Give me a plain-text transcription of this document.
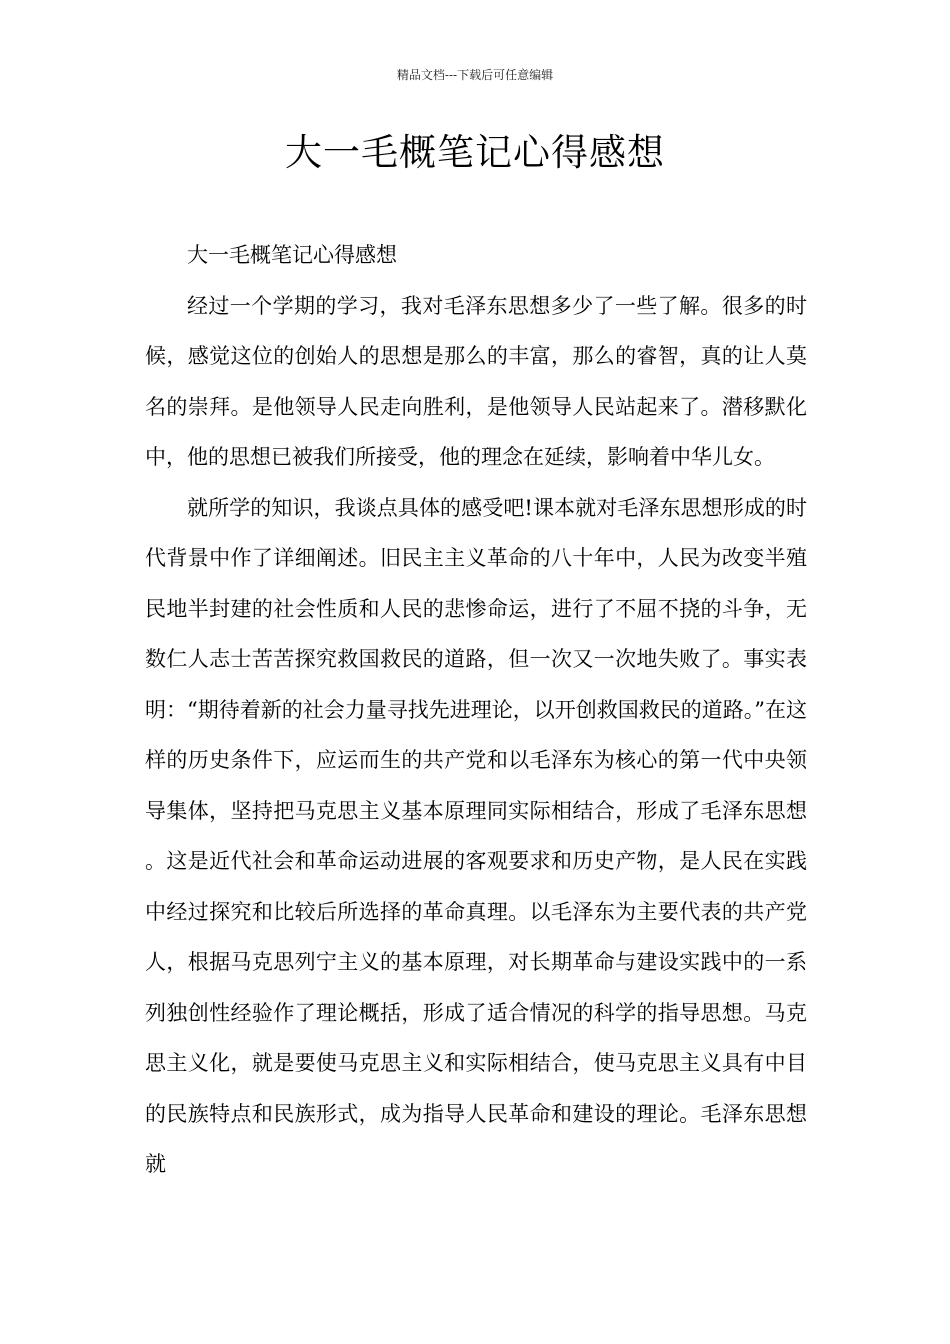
精品文档---下载后可任意编辑
大一毛概笔记心得感想

大一毛概笔记心得感想

经过一个学期的学习，我对毛泽东思想多少了一些了解。很多的时候，感觉这位的创始人的思想是那么的丰富，那么的睿智，真的让人莫名的崇拜。是他领导人民走向胜利，是他领导人民站起来了。潜移默化中，他的思想已被我们所接受，他的理念在延续，影响着中华儿女。

就所学的知识，我谈点具体的感受吧!课本就对毛泽东思想形成的时代背景中作了详细阐述。旧民主主义革命的八十年中，人民为改变半殖民地半封建的社会性质和人民的悲惨命运，进行了不屈不挠的斗争，无数仁人志士苦苦探究救国救民的道路，但一次又一次地失败了。事实表明：“期待着新的社会力量寻找先进理论，以开创救国救民的道路。”在这样的历史条件下，应运而生的共产党和以毛泽东为核心的第一代中央领导集体，坚持把马克思主义基本原理同实际相结合，形成了毛泽东思想。这是近代社会和革命运动进展的客观要求和历史产物，是人民在实践中经过探究和比较后所选择的革命真理。以毛泽东为主要代表的共产党人，根据马克思列宁主义的基本原理，对长期革命与建设实践中的一系列独创性经验作了理论概括，形成了适合情况的科学的指导思想。马克思主义化，就是要使马克思主义和实际相结合，使马克思主义具有中目的民族特点和民族形式，成为指导人民革命和建设的理论。毛泽东思想就
